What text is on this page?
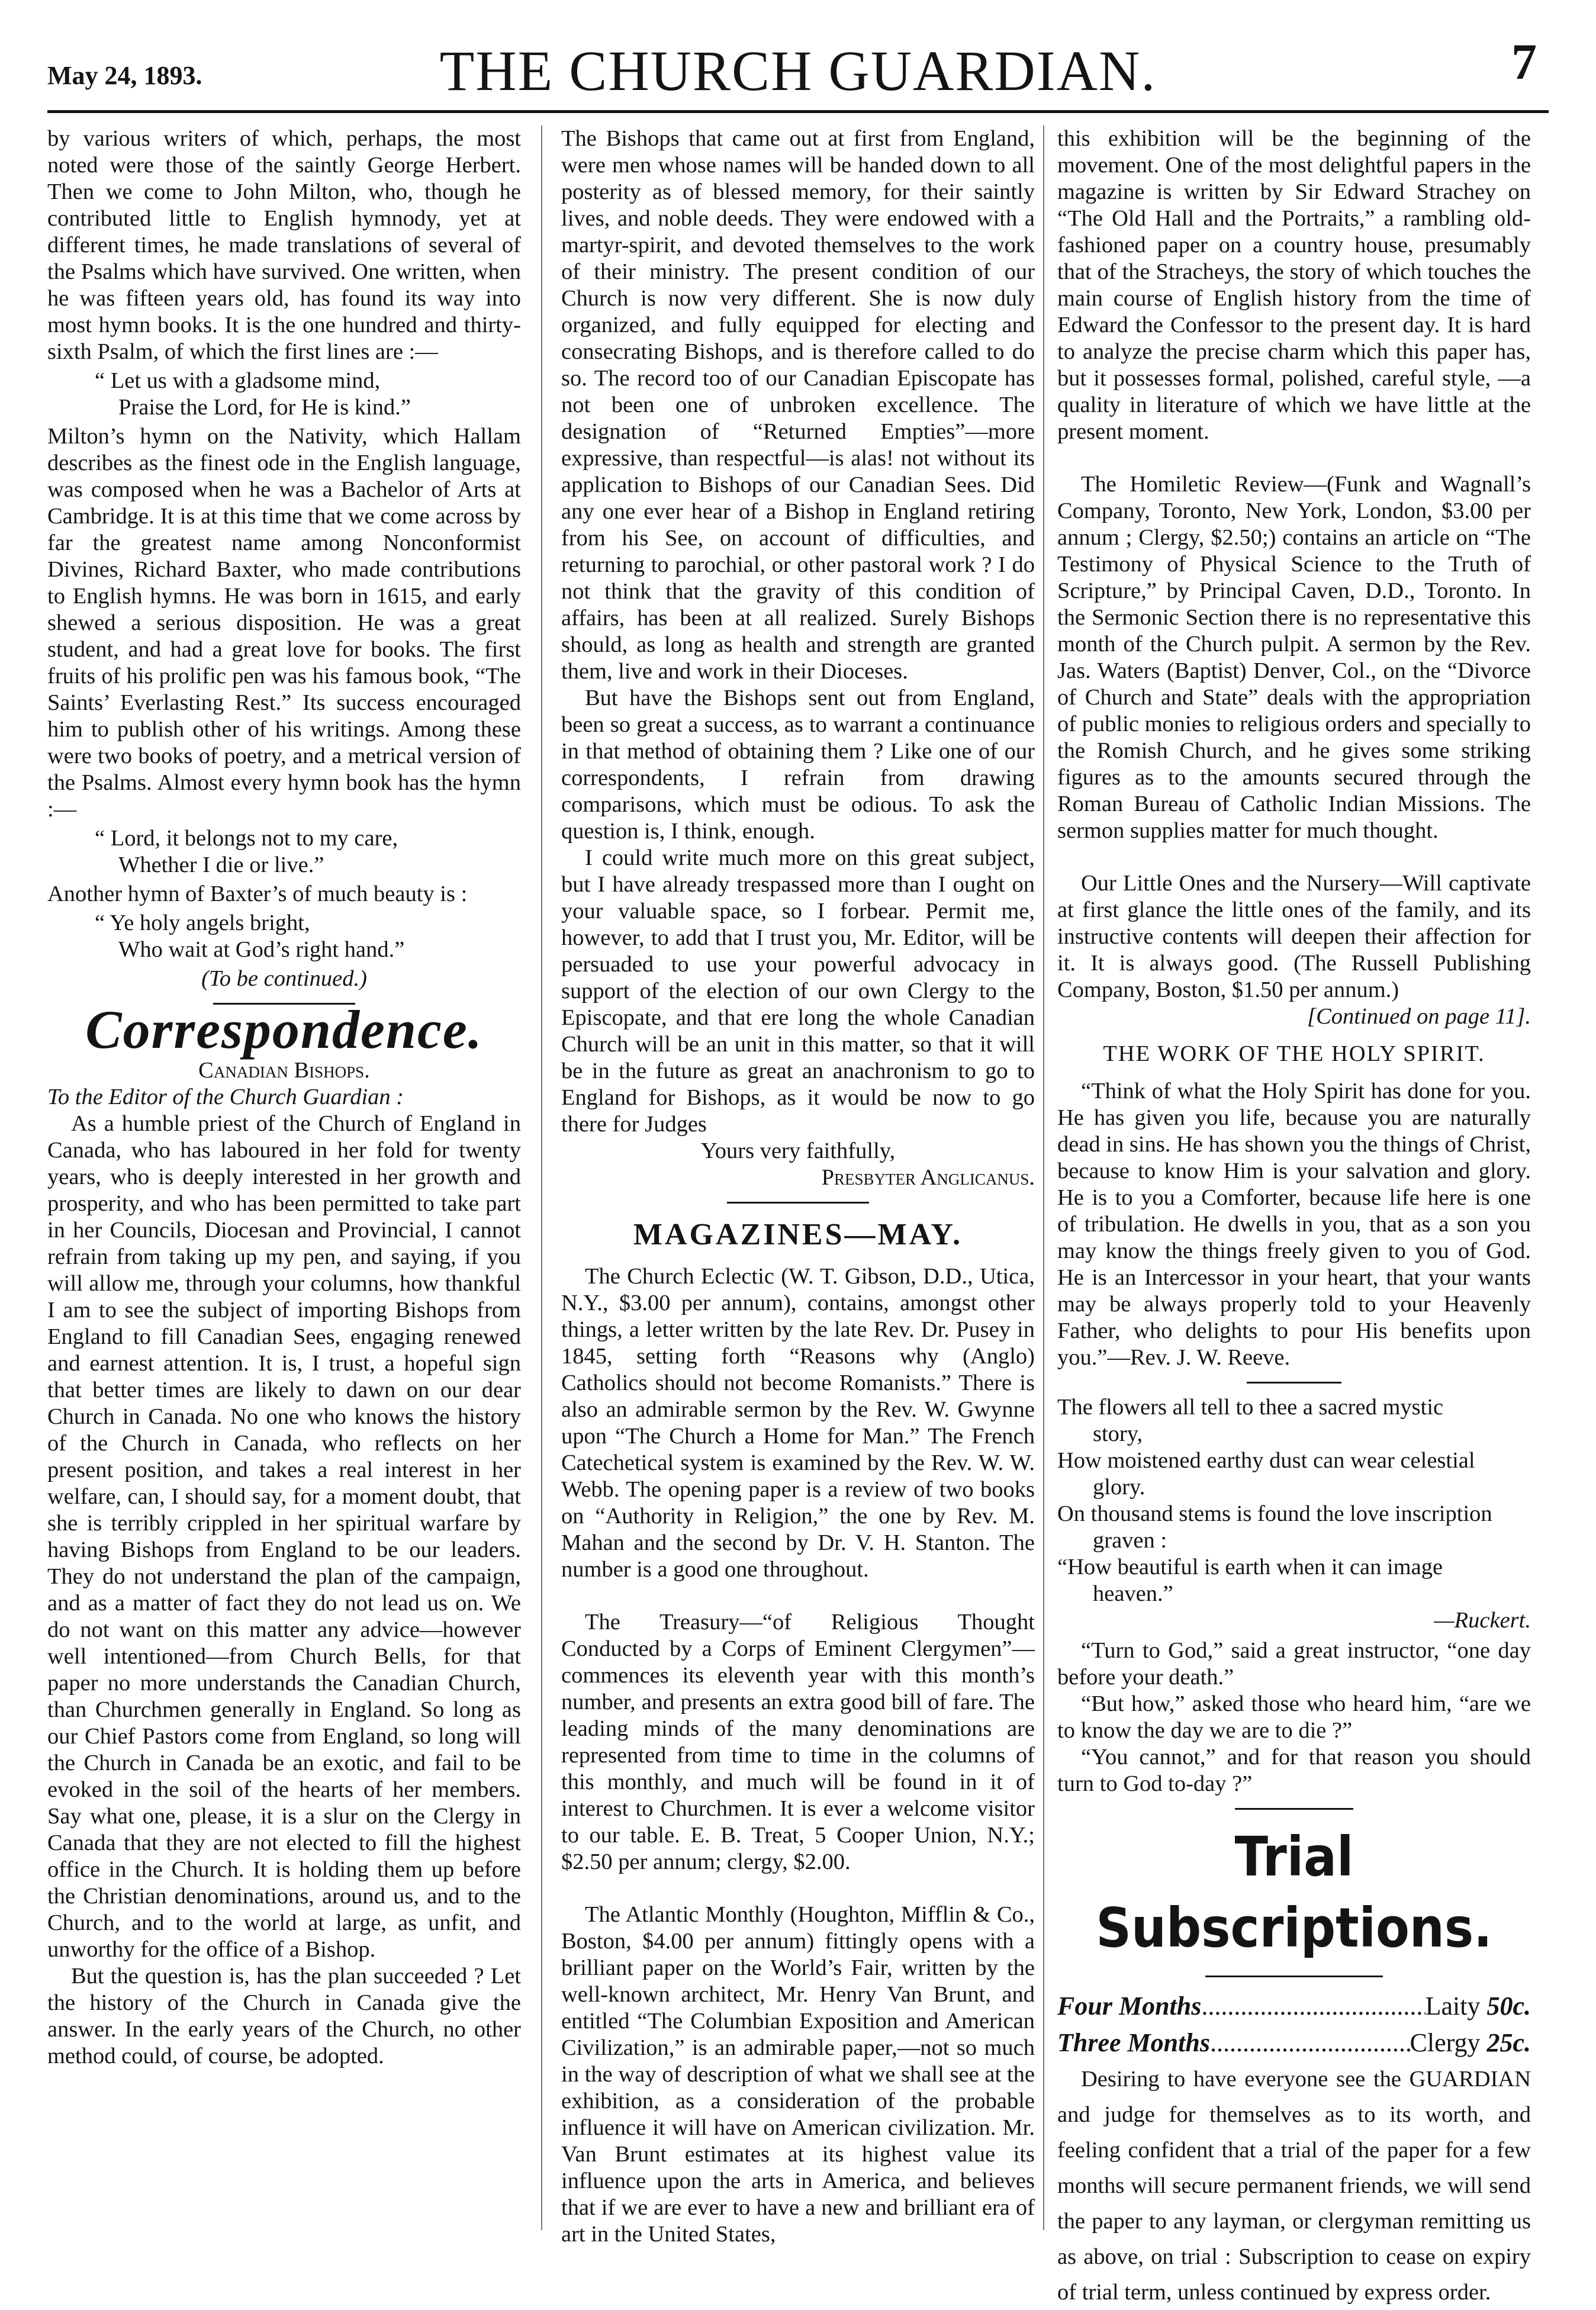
May 24, 1893.	THE CHURCH GUARDIAN.	7

by various writers of which, perhaps, the most noted were those of the saintly George Herbert. Then we come to John Milton, who, though he contributed little to English hymnody, yet at different times, he made translations of several of the Psalms which have survived. One written, when he was fifteen years old, has found its way into most hymn books. It is the one hundred and thirty-sixth Psalm, of which the first lines are :—

“ Let us with a gladsome mind,
Praise the Lord, for He is kind.”

Milton’s hymn on the Nativity, which Hallam describes as the finest ode in the English language, was composed when he was a Bachelor of Arts at Cambridge. It is at this time that we come across by far the greatest name among Nonconformist Divines, Richard Baxter, who made contributions to English hymns. He was born in 1615, and early shewed a serious disposition. He was a great student, and had a great love for books. The first fruits of his prolific pen was his famous book, “The Saints’ Everlasting Rest.” Its success encouraged him to publish other of his writings. Among these were two books of poetry, and a metrical version of the Psalms. Almost every hymn book has the hymn :—

“ Lord, it belongs not to my care,
Whether I die or live.”

Another hymn of Baxter’s of much beauty is :

“ Ye holy angels bright,
Who wait at God’s right hand.”

(To be continued.)

Correspondence.

Canadian Bishops.

To the Editor of the Church Guardian :

As a humble priest of the Church of England in Canada, who has laboured in her fold for twenty years, who is deeply interested in her growth and prosperity, and who has been permitted to take part in her Councils, Diocesan and Provincial, I cannot refrain from taking up my pen, and saying, if you will allow me, through your columns, how thankful I am to see the subject of importing Bishops from England to fill Canadian Sees, engaging renewed and earnest attention. It is, I trust, a hopeful sign that better times are likely to dawn on our dear Church in Canada. No one who knows the history of the Church in Canada, who reflects on her present position, and takes a real interest in her welfare, can, I should say, for a moment doubt, that she is terribly crippled in her spiritual warfare by having Bishops from England to be our leaders. They do not understand the plan of the campaign, and as a matter of fact they do not lead us on. We do not want on this matter any advice—however well intentioned—from Church Bells, for that paper no more understands the Canadian Church, than Churchmen generally in England. So long as our Chief Pastors come from England, so long will the Church in Canada be an exotic, and fail to be evoked in the soil of the hearts of her members. Say what one, please, it is a slur on the Clergy in Canada that they are not elected to fill the highest office in the Church. It is holding them up before the Christian denominations, around us, and to the Church, and to the world at large, as unfit, and unworthy for the office of a Bishop.

But the question is, has the plan succeeded ? Let the history of the Church in Canada give the answer. In the early years of the Church, no other method could, of course, be adopted.

The Bishops that came out at first from England, were men whose names will be handed down to all posterity as of blessed memory, for their saintly lives, and noble deeds. They were endowed with a martyr-spirit, and devoted themselves to the work of their ministry. The present condition of our Church is now very different. She is now duly organized, and fully equipped for electing and consecrating Bishops, and is therefore called to do so. The record too of our Canadian Episcopate has not been one of unbroken excellence. The designation of “Returned Empties”—more expressive, than respectful—is alas! not without its application to Bishops of our Canadian Sees. Did any one ever hear of a Bishop in England retiring from his See, on account of difficulties, and returning to parochial, or other pastoral work ? I do not think that the gravity of this condition of affairs, has been at all realized. Surely Bishops should, as long as health and strength are granted them, live and work in their Dioceses.

But have the Bishops sent out from England, been so great a success, as to warrant a continuance in that method of obtaining them ? Like one of our correspondents, I refrain from drawing comparisons, which must be odious. To ask the question is, I think, enough.

I could write much more on this great subject, but I have already trespassed more than I ought on your valuable space, so I forbear. Permit me, however, to add that I trust you, Mr. Editor, will be persuaded to use your powerful advocacy in support of the election of our own Clergy to the Episcopate, and that ere long the whole Canadian Church will be an unit in this matter, so that it will be in the future as great an anachronism to go to England for Bishops, as it would be now to go there for Judges

Yours very faithfully,

Presbyter Anglicanus.

MAGAZINES—MAY.

The Church Eclectic (W. T. Gibson, D.D., Utica, N.Y., $3.00 per annum), contains, amongst other things, a letter written by the late Rev. Dr. Pusey in 1845, setting forth “Reasons why (Anglo) Catholics should not become Romanists.” There is also an admirable sermon by the Rev. W. Gwynne upon “The Church a Home for Man.” The French Catechetical system is examined by the Rev. W. W. Webb. The opening paper is a review of two books on “Authority in Religion,” the one by Rev. M. Mahan and the second by Dr. V. H. Stanton. The number is a good one throughout.

The Treasury—“of Religious Thought Conducted by a Corps of Eminent Clergymen”—commences its eleventh year with this month’s number, and presents an extra good bill of fare. The leading minds of the many denominations are represented from time to time in the columns of this monthly, and much will be found in it of interest to Churchmen. It is ever a welcome visitor to our table. E. B. Treat, 5 Cooper Union, N.Y.; $2.50 per annum; clergy, $2.00.

The Atlantic Monthly (Houghton, Mifflin & Co., Boston, $4.00 per annum) fittingly opens with a brilliant paper on the World’s Fair, written by the well-known architect, Mr. Henry Van Brunt, and entitled “The Columbian Exposition and American Civilization,” is an admirable paper,—not so much in the way of description of what we shall see at the exhibition, as a consideration of the probable influence it will have on American civilization. Mr. Van Brunt estimates at its highest value its influence upon the arts in America, and believes that if we are ever to have a new and brilliant era of art in the United States,

this exhibition will be the beginning of the movement. One of the most delightful papers in the magazine is written by Sir Edward Strachey on “The Old Hall and the Portraits,” a rambling old-fashioned paper on a country house, presumably that of the Stracheys, the story of which touches the main course of English history from the time of Edward the Confessor to the present day. It is hard to analyze the precise charm which this paper has, but it possesses formal, polished, careful style, —a quality in literature of which we have little at the present moment.

The Homiletic Review—(Funk and Wagnall’s Company, Toronto, New York, London, $3.00 per annum ; Clergy, $2.50;) contains an article on “The Testimony of Physical Science to the Truth of Scripture,” by Principal Caven, D.D., Toronto. In the Sermonic Section there is no representative this month of the Church pulpit. A sermon by the Rev. Jas. Waters (Baptist) Denver, Col., on the “Divorce of Church and State” deals with the appropriation of public monies to religious orders and specially to the Romish Church, and he gives some striking figures as to the amounts secured through the Roman Bureau of Catholic Indian Missions. The sermon supplies matter for much thought.

Our Little Ones and the Nursery—Will captivate at first glance the little ones of the family, and its instructive contents will deepen their affection for it. It is always good. (The Russell Publishing Company, Boston, $1.50 per annum.)

[Continued on page 11].

THE WORK OF THE HOLY SPIRIT.

“Think of what the Holy Spirit has done for you. He has given you life, because you are naturally dead in sins. He has shown you the things of Christ, because to know Him is your salvation and glory. He is to you a Comforter, because life here is one of tribulation. He dwells in you, that as a son you may know the things freely given to you of God. He is an Intercessor in your heart, that your wants may be always properly told to your Heavenly Father, who delights to pour His benefits upon you.”—Rev. J. W. Reeve.

The flowers all tell to thee a sacred mystic
story,
How moistened earthy dust can wear celestial
glory.
On thousand stems is found the love inscription
graven :
“How beautiful is earth when it can image
heaven.”
—Ruckert.

“Turn to God,” said a great instructor, “one day before your death.”

“But how,” asked those who heard him, “are we to know the day we are to die ?”

“You cannot,” and for that reason you should turn to God to-day ?”

Trial Subscriptions.
Four Months .....	Laity 50c.
Three Months .....	Clergy 25c.

Desiring to have everyone see the GUARDIAN and judge for themselves as to its worth, and feeling confident that a trial of the paper for a few months will secure permanent friends, we will send the paper to any layman, or clergyman remitting us as above, on trial : Subscription to cease on expiry of trial term, unless continued by express order.
